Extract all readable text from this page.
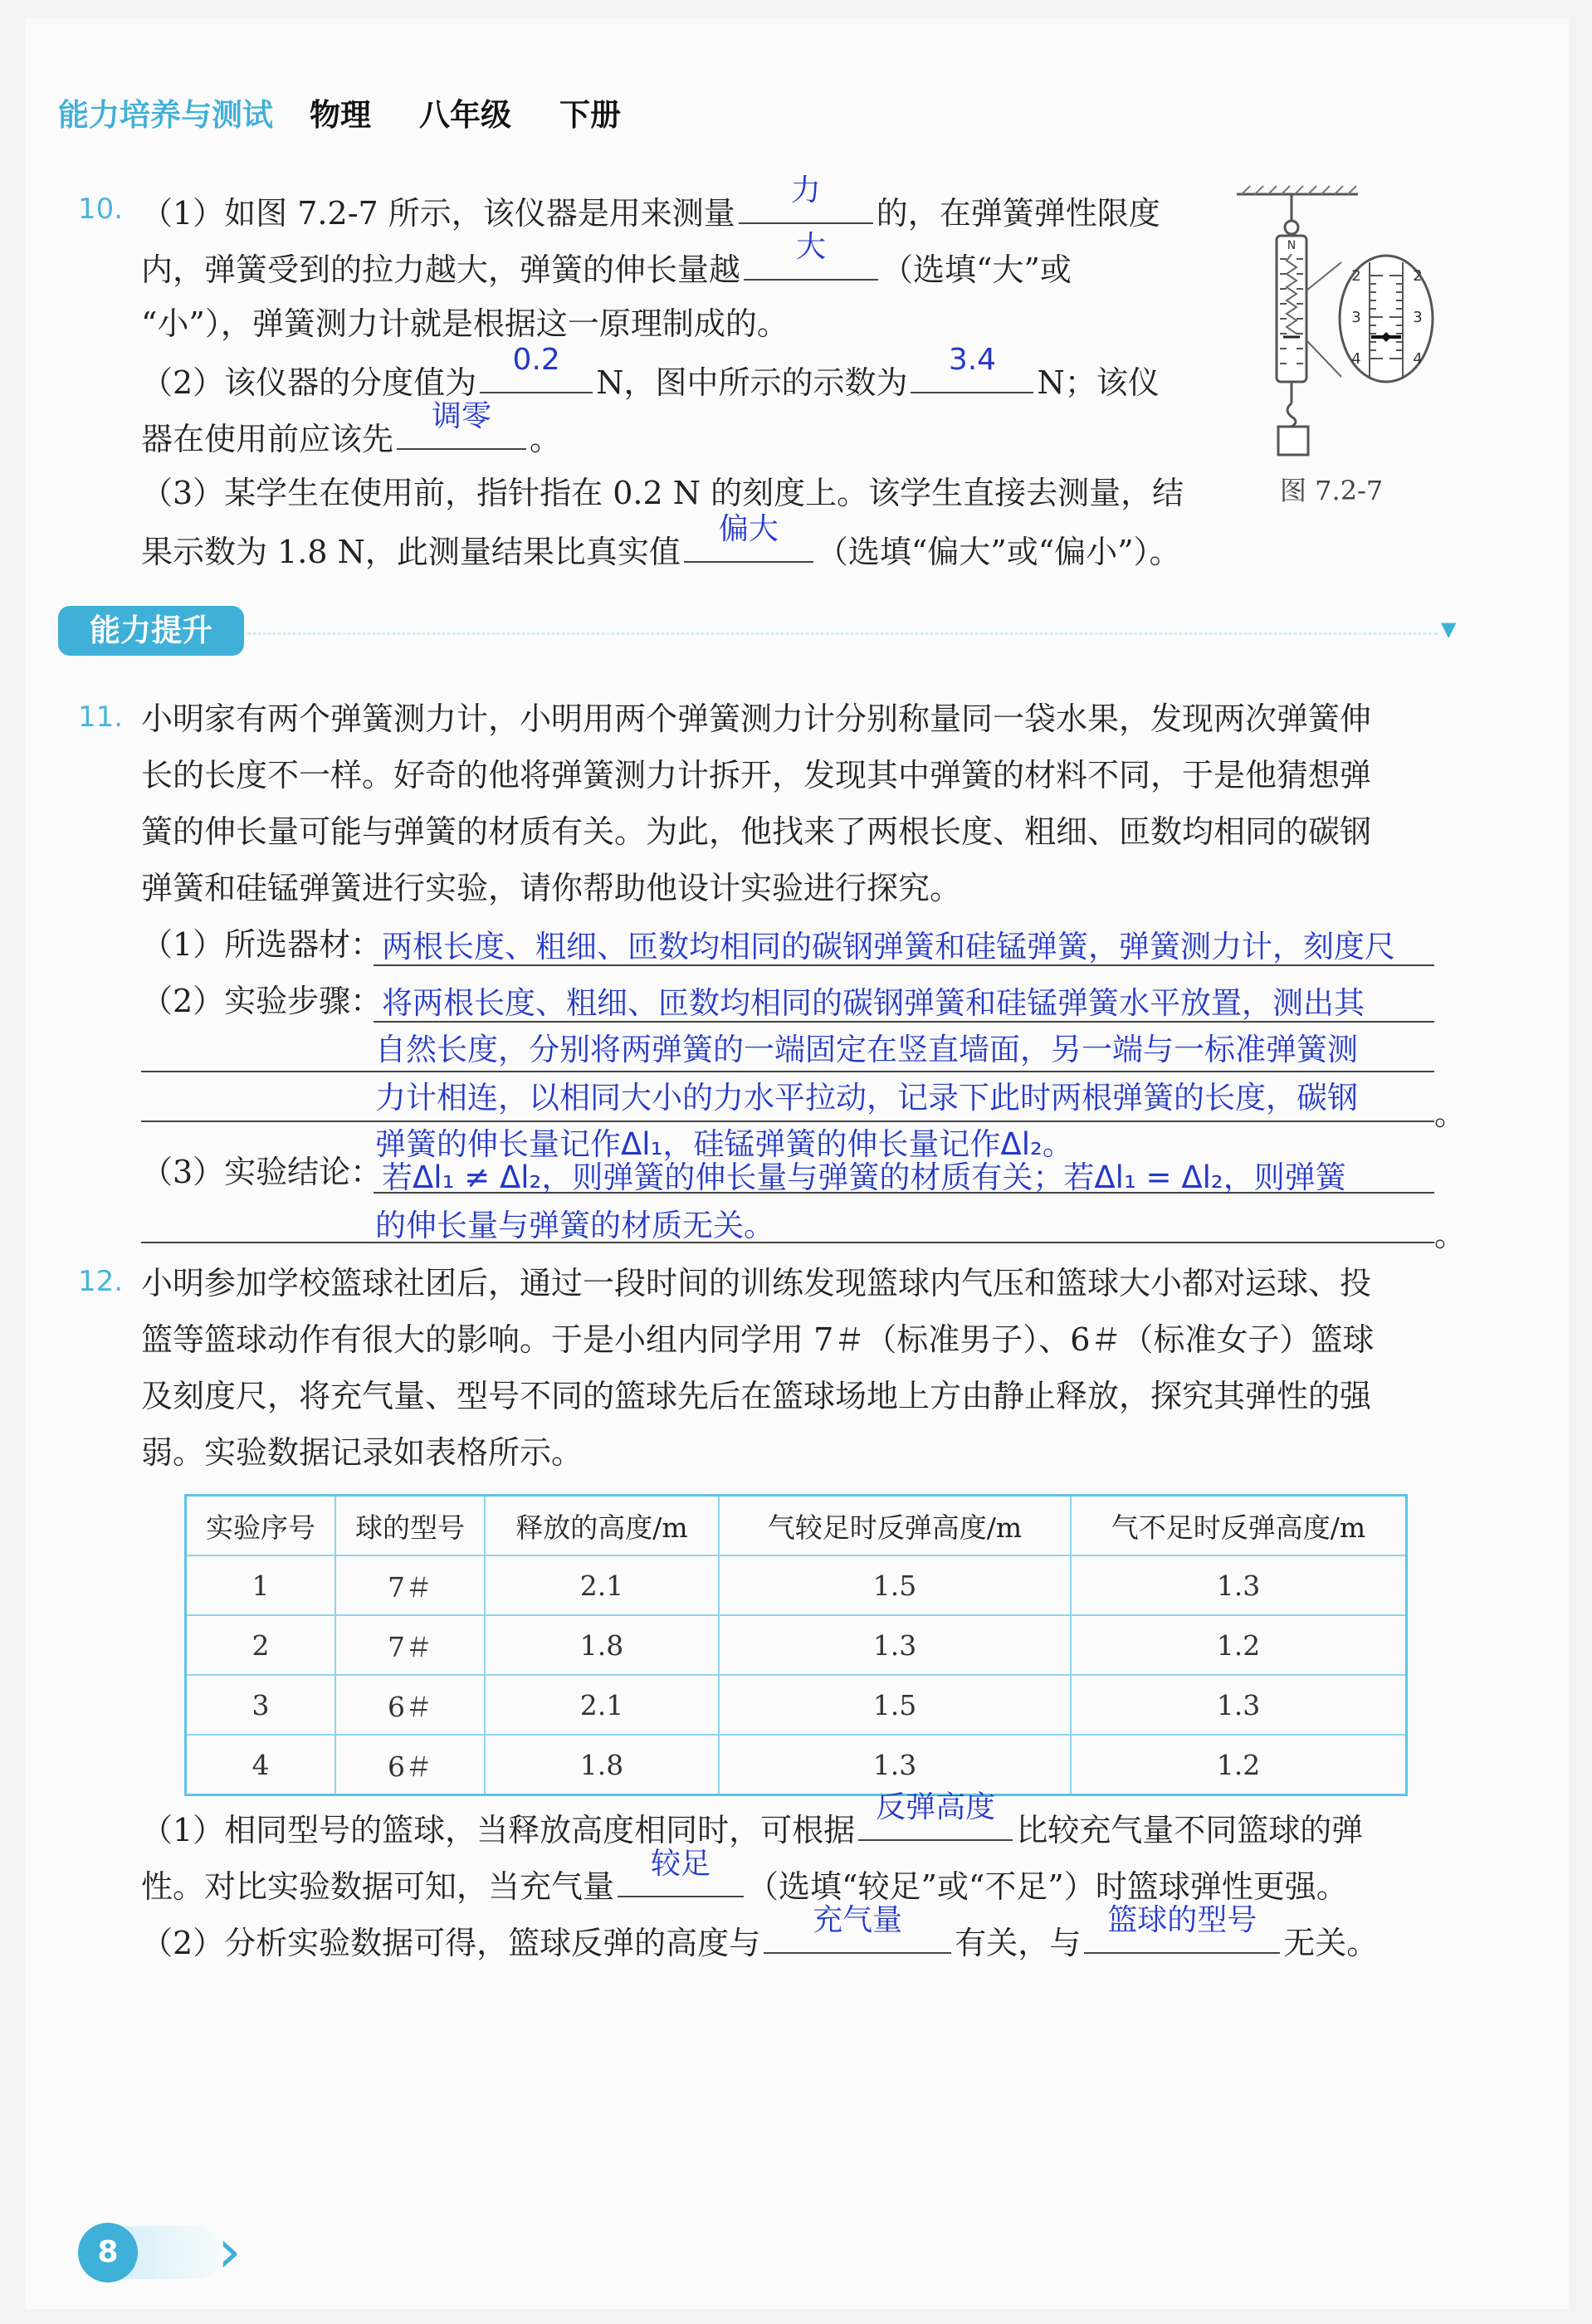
能力培养与测试 物理 八年级 下册
10. （1）如图 7.2-7 所示，该仪器是用来测量
力
的，在弹簧弹性限度
内，弹簧受到的拉力越大，弹簧的伸长量越
大
（选填“大”或
“小”），弹簧测力计就是根据这一原理制成的。
（2）该仪器的分度值为
0.2
N，图中所示的示数为
3.4
N；该仪
器在使用前应该先
调零
。
（3）某学生在使用前，指针指在 0.2 N 的刻度上。该学生直接去测量，结
果示数为 1.8 N，此测量结果比真实值
偏大
（选填“偏大”或“偏小”）。
N
2
3
4
2
3
4
图 7.2-7
能力提升	▼
11. 小明家有两个弹簧测力计，小明用两个弹簧测力计分别称量同一袋水果，发现两次弹簧伸
长的长度不一样。好奇的他将弹簧测力计拆开，发现其中弹簧的材料不同，于是他猜想弹
簧的伸长量可能与弹簧的材质有关。为此，他找来了两根长度、粗细、匝数均相同的碳钢
弹簧和硅锰弹簧进行实验，请你帮助他设计实验进行探究。
（1）所选器材： 两根长度、粗细、匝数均相同的碳钢弹簧和硅锰弹簧，弹簧测力计，刻度尺
（2）实验步骤： 将两根长度、粗细、匝数均相同的碳钢弹簧和硅锰弹簧水平放置，测出其
自然长度，分别将两弹簧的一端固定在竖直墙面，另一端与一标准弹簧测
力计相连，以相同大小的力水平拉动，记录下此时两根弹簧的长度，碳钢
弹簧的伸长量记作Δl₁，硅锰弹簧的伸长量记作Δl₂。
。
（3）实验结论： 若Δl₁ ≠ Δl₂，则弹簧的伸长量与弹簧的材质有关；若Δl₁ = Δl₂，则弹簧
的伸长量与弹簧的材质无关。	。
12. 小明参加学校篮球社团后，通过一段时间的训练发现篮球内气压和篮球大小都对运球、投
篮等篮球动作有很大的影响。于是小组内同学用 7＃（标准男子）、6＃（标准女子）篮球
及刻度尺，将充气量、型号不同的篮球先后在篮球场地上方由静止释放，探究其弹性的强
弱。实验数据记录如表格所示。
实验序号	球的型号	释放的高度/m	气较足时反弹高度/m	气不足时反弹高度/m
1	7＃	2.1	1.5	1.3
2	7＃	1.8	1.3	1.2
3	6＃	2.1	1.5	1.3
4	6＃	1.8	1.3	1.2
（1）相同型号的篮球，当释放高度相同时，可根据
反弹高度
比较充气量不同篮球的弹
性。对比实验数据可知，当充气量
较足
（选填“较足”或“不足”）时篮球弹性更强。
（2）分析实验数据可得，篮球反弹的高度与
充气量
有关，与
篮球的型号
无关。
8	›
